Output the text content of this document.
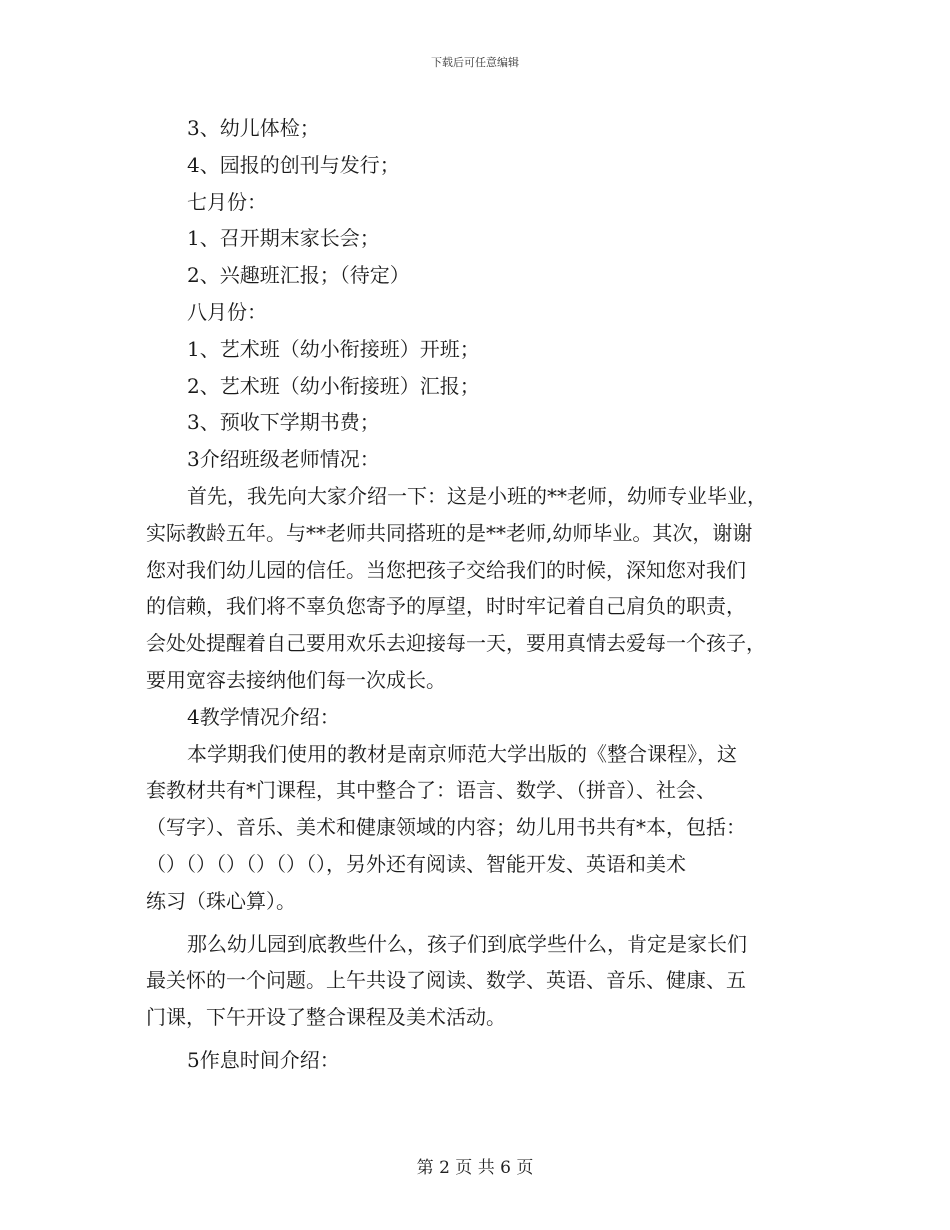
下载后可任意编辑

3、幼儿体检；

4、园报的创刊与发行；

七月份：

1、召开期末家长会；

2、兴趣班汇报；（待定）

八月份：

1、艺术班（幼小衔接班）开班；

2、艺术班（幼小衔接班）汇报；

3、预收下学期书费；

3介绍班级老师情况：

首先，我先向大家介绍一下：这是小班的**老师，幼师专业毕业，

实际教龄五年。与**老师共同搭班的是**老师,幼师毕业。其次，谢谢

您对我们幼儿园的信任。当您把孩子交给我们的时候，深知您对我们

的信赖，我们将不辜负您寄予的厚望，时时牢记着自己肩负的职责，

会处处提醒着自己要用欢乐去迎接每一天，要用真情去爱每一个孩子，

要用宽容去接纳他们每一次成长。

4教学情况介绍：

本学期我们使用的教材是南京师范大学出版的《整合课程》，这

套教材共有*门课程，其中整合了：语言、数学、（拼音）、社会、

（写字）、音乐、美术和健康领域的内容；幼儿用书共有*本，包括：

（）（）（）（）（）（），另外还有阅读、智能开发、英语和美术

练习（珠心算）。

那么幼儿园到底教些什么，孩子们到底学些什么，肯定是家长们

最关怀的一个问题。上午共设了阅读、数学、英语、音乐、健康、五

门课，下午开设了整合课程及美术活动。

5作息时间介绍：

第 2 页 共 6 页
